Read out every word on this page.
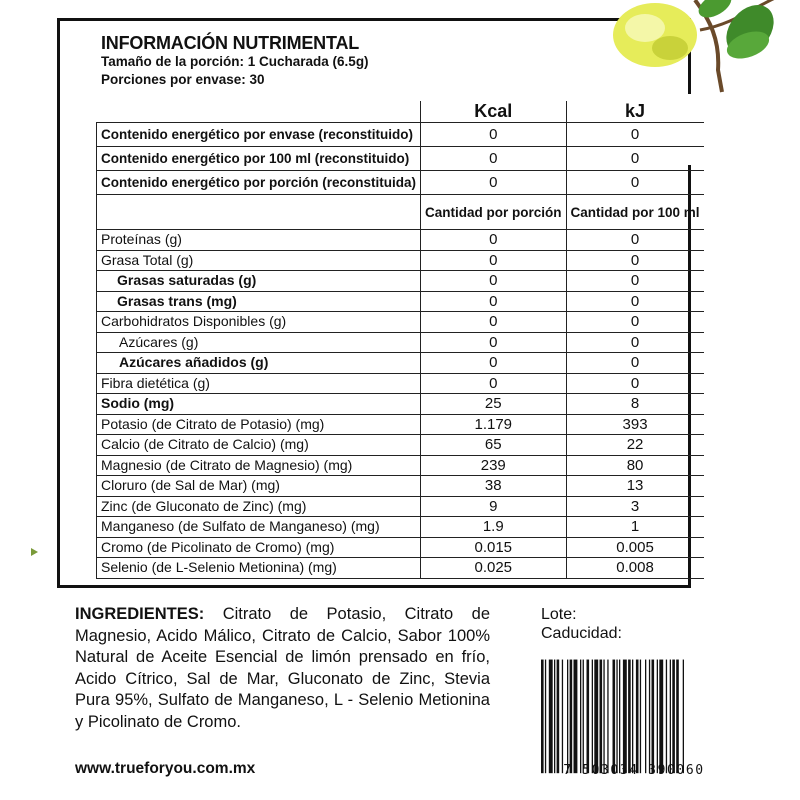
INFORMACIÓN NUTRIMENTAL
Tamaño de la porción: 1 Cucharada (6.5g)
Porciones por envase: 30
	Kcal	kJ
Contenido energético por envase (reconstituido)	0	0
Contenido energético por 100 ml (reconstituido)	0	0
Contenido energético por porción (reconstituida)	0	0
	Cantidad por porción	Cantidad por 100 ml
Proteínas (g)	0	0
Grasa Total (g)	0	0
Grasas saturadas (g)	0	0
Grasas trans (mg)	0	0
Carbohidratos Disponibles (g)	0	0
Azúcares (g)	0	0
Azúcares añadidos (g)	0	0
Fibra dietética (g)	0	0
Sodio (mg)	25	8
Potasio (de Citrato de Potasio) (mg)	1.179	393
Calcio (de Citrato de Calcio) (mg)	65	22
Magnesio (de Citrato de Magnesio) (mg)	239	80
Cloruro (de Sal de Mar) (mg)	38	13
Zinc (de Gluconato de Zinc) (mg)	9	3
Manganeso (de Sulfato de Manganeso) (mg)	1.9	1
Cromo (de Picolinato de Cromo) (mg)	0.015	0.005
Selenio (de L-Selenio Metionina) (mg)	0.025	0.008
INGREDIENTES: Citrato de Potasio, Citrato de Magnesio, Acido Málico, Citrato de Calcio, Sabor 100% Natural de Aceite Esencial de limón prensado en frío, Acido Cítrico, Sal de Mar, Gluconato de Zinc, Stevia Pura 95%, Sulfato de Manganeso, L - Selenio Metionina y Picolinato de Cromo.
www.trueforyou.com.mx
Lote:
Caducidad:
7 503034 390060
